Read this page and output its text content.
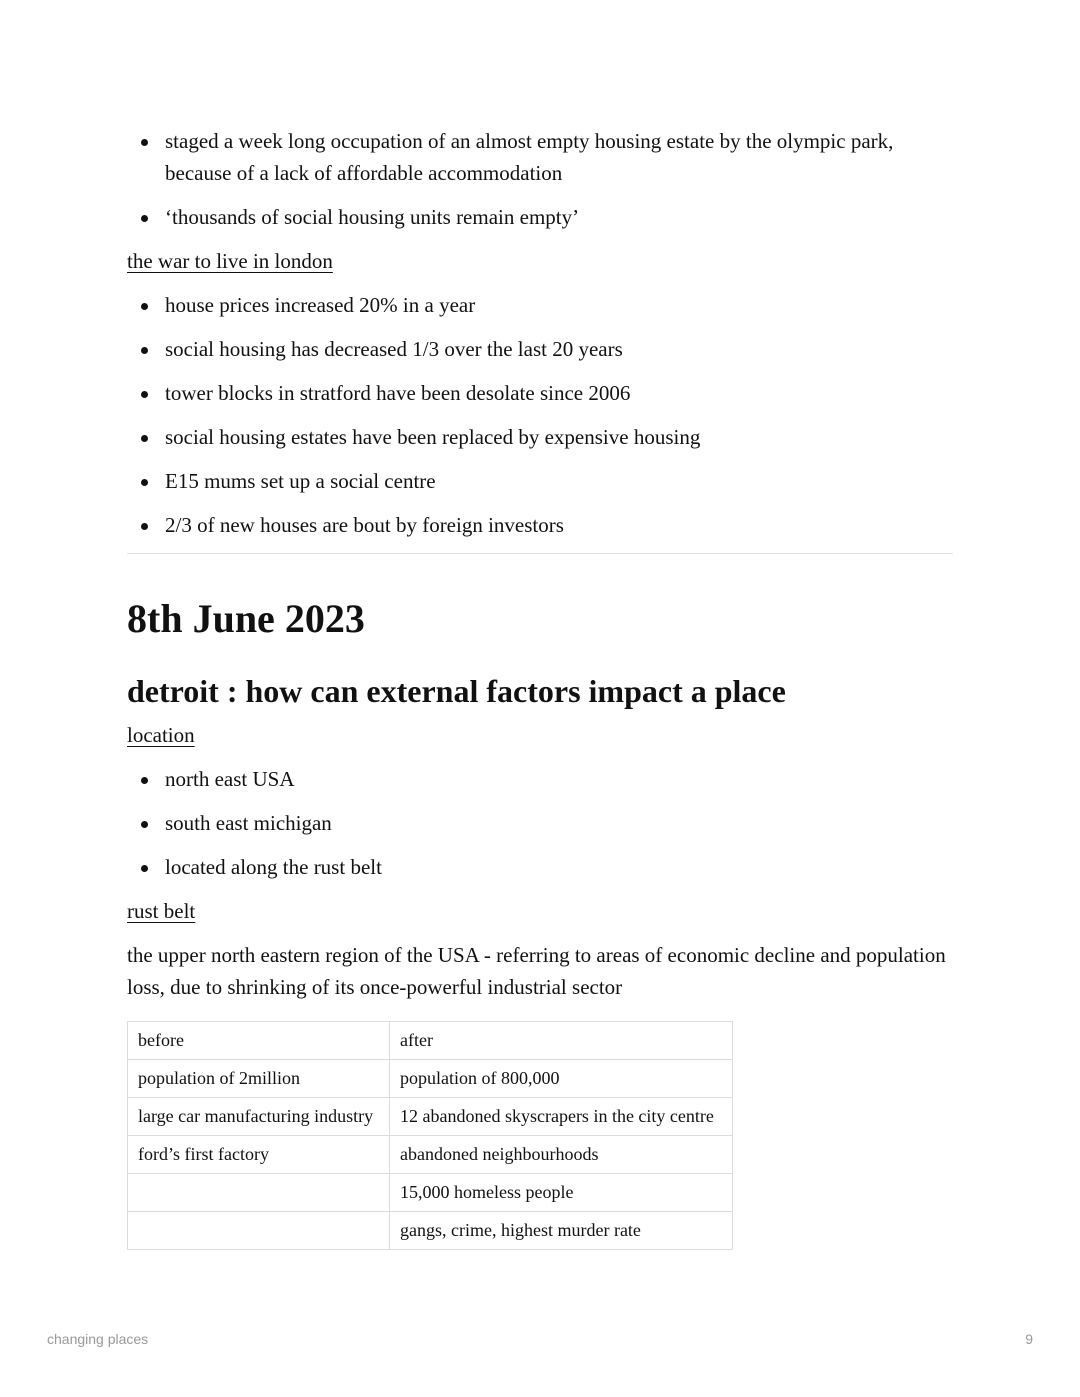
staged a week long occupation of an almost empty housing estate by the olympic park, because of a lack of affordable accommodation
‘thousands of social housing units remain empty’
the war to live in london
house prices increased 20% in a year
social housing has decreased 1/3 over the last 20 years
tower blocks in stratford have been desolate since 2006
social housing estates have been replaced by expensive housing
E15 mums set up a social centre
2/3 of new houses are bout by foreign investors
8th June 2023
detroit : how can external factors impact a place
location
north east USA
south east michigan
located along the rust belt
rust belt

the upper north eastern region of the USA - referring to areas of economic decline and population loss, due to shrinking of its once-powerful industrial sector

before	after
population of 2million	population of 800,000
large car manufacturing industry	12 abandoned skyscrapers in the city centre
ford’s first factory	abandoned neighbourhoods
	15,000 homeless people
	gangs, crime, highest murder rate
changing places	9
